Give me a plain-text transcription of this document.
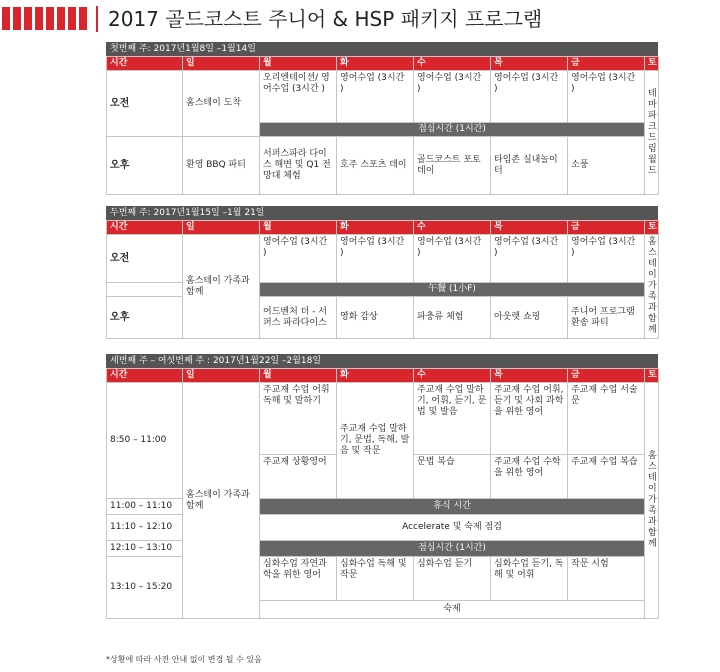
2017 골드코스트 주니어 & HSP 패키지 프로그램
첫번째 주: 2017년1월8일 –1월14일
시간	일	월	화	수	목	금	토
오전	홈스테이 도착	오리엔테이션/ 영어수업 (3시간 )	영어수업 (3시간 )	영어수업 (3시간 )	영어수업 (3시간 )	영어수업 (3시간 )	테마파크 드림월드
		점심시간 (1시간)					
오후	환영 BBQ 파티	서퍼스파라 다이스 해변 및 Q1 전망대 체험	호주 스포츠 데이	골드코스트 포토 데이	타임존 실내놀이터	소풍	
두번째 주: 2017년1월15일 –1월 21일
시간	일	월	화	수	목	금	토
오전	홈스테이 가족과 함께	영어수업 (3시간 )	영어수업 (3시간 )	영어수업 (3시간 )	영어수업 (3시간 )	영어수업 (3시간 )	홈스테이 가족과 함께
		午餐 (1小F)					
오후		어드벤처 더 - 서퍼스 파라다이스	영화 감상	파충류 체험	아웃렛 쇼핑	주니어 프로그램 환송 파티	
세번째 주 – 여섯번째 주 : 2017년1월22일 –2월18일
시간	일	월	화	수	목	금	토
8:50 – 11:00	홈스테이 가족과 함께	주교재 수업 어휘 독해 및 말하기	주교재 수업 말하기, 문법, 독해, 발음 및 작문	주교재 수업 말하기, 어휘, 듣기, 문법 및 발음	주교재 수업 어휘, 듣기 및 사회 과학을 위한 영어	주교재 수업 서술문	홈스테이 가족과 함께
		주교재 상황영어		문법 복습	주교재 수업 수학을 위한 영어	주교재 수업 복습	
11:00 – 11:10		휴식 시간					
11:10 – 12:10		Accelerate 및 숙제 점검					
12:10 – 13:10		점심시간 (1시간)					
13:10 – 15:20		심화수업 자연과학을 위한 영어	심화수업 독해 및 작문	심화수업 듣기	심화수업 듣기, 독해 및 어휘	작문 시험	
		숙제					
*상황에 따라 사전 안내 없이 변경 될 수 있음
